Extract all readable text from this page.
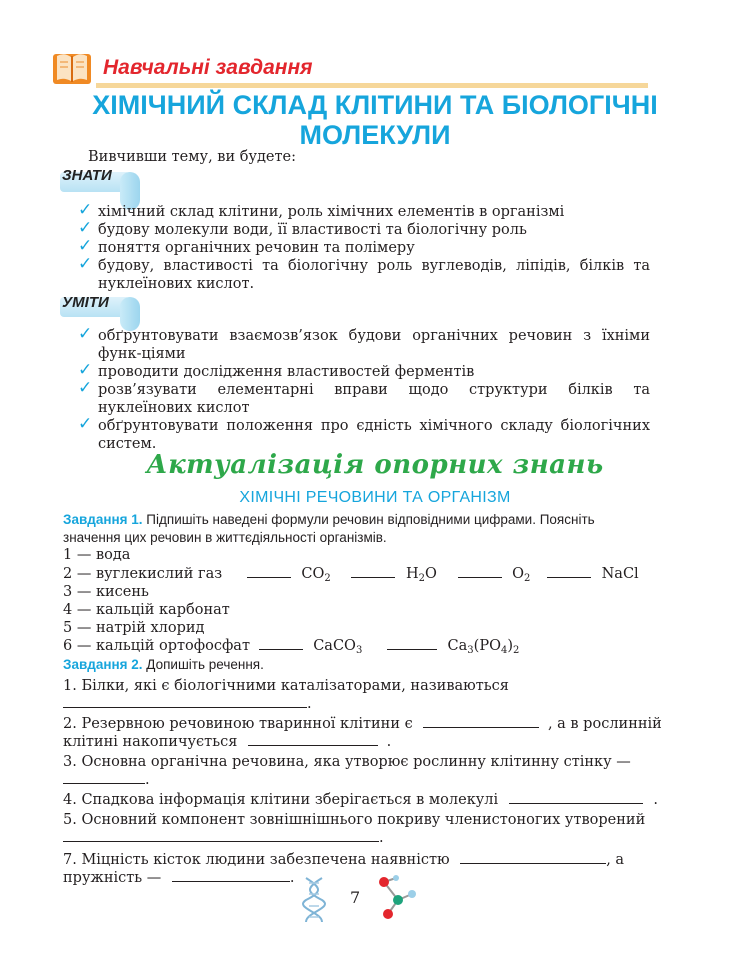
Навчальні завдання
ХІМІЧНИЙ СКЛАД КЛІТИНИ ТА БІОЛОГІЧНІ
МОЛЕКУЛИ
Вивчивши тему, ви будете:
ЗНАТИ
✓ хімічний склад клітини, роль хімічних елементів в організмі
✓ будову молекули води, її властивості та біологічну роль
✓ поняття органічних речовин та полімеру
✓ будову, властивості та біологічну роль вуглеводів, ліпідів, білків та нуклеїнових кислот.
УМІТИ
✓ обґрунтовувати взаємозв’язок будови органічних речовин з їхніми функ-ціями
✓ проводити дослідження властивостей ферментів
✓ розв’язувати елементарні вправи щодо структури білків та нуклеїнових кислот
✓ обґрунтовувати положення про єдність хімічного складу біологічних систем.
Актуалізація опорних знань
ХІМІЧНІ РЕЧОВИНИ ТА ОРГАНІЗМ
Завдання 1. Підпишіть наведені формули речовин відповідними цифрами. Поясніть
значення цих речовин в життєдіяльності організмів.
1 — вода
2 — вуглекислий газ	$CO_2$	$H_2O$	$O_2$	NaCl
3 — кисень
4 — кальцій карбонат
5 — натрій хлорид
6 — кальцій ортофосфат	CaCO$_3$	$Ca_3(PO_4)_2$
Завдання 2. Допишіть речення.
1. Білки, які є біологічними каталізаторами, називаються
.
2. Резервною речовиною тваринної клітини є	, а в рослинній
клітині накопичується	.
3. Основна органічна речовина, яка утворює рослинну клітинну стінку —
.
4. Спадкова інформація клітини зберігається в молекулі	.
5. Основний компонент зовнішнішнього покриву членистоногих утворений
.
7. Міцність кісток людини забезпечена наявністю	, а
пружність —	.
7
